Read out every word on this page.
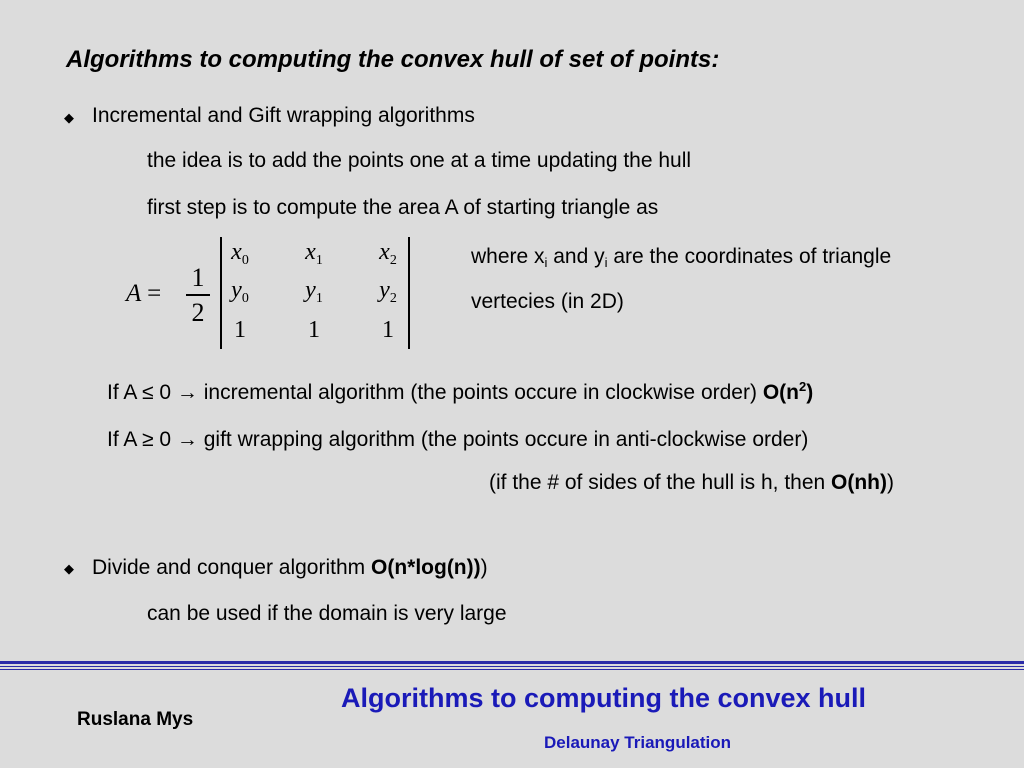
Algorithms to computing the convex hull of set of points:
◆ Incremental and Gift wrapping algorithms
the idea is to add the points one at a time updating the hull
first step is to compute the area A of starting triangle as
A =
1
2
$x_0$	$x_1$	$x_2$
$y_0$	$y_1$	$y_2$
1	1	1
where $x_i$ and $y_i$ are the coordinates of triangle
vertecies (in 2D)
If A ≤ 0 → incremental algorithm (the points occure in clockwise order) $O(n^2)$
If A ≥ 0 → gift wrapping algorithm (the points occure in anti-clockwise order)
(if the # of sides of the hull is h, then O(nh))
◆ Divide and conquer algorithm O(n*log(n)))
can be used if the domain is very large
Algorithms to computing the convex hull
Delaunay Triangulation
Ruslana Mys
